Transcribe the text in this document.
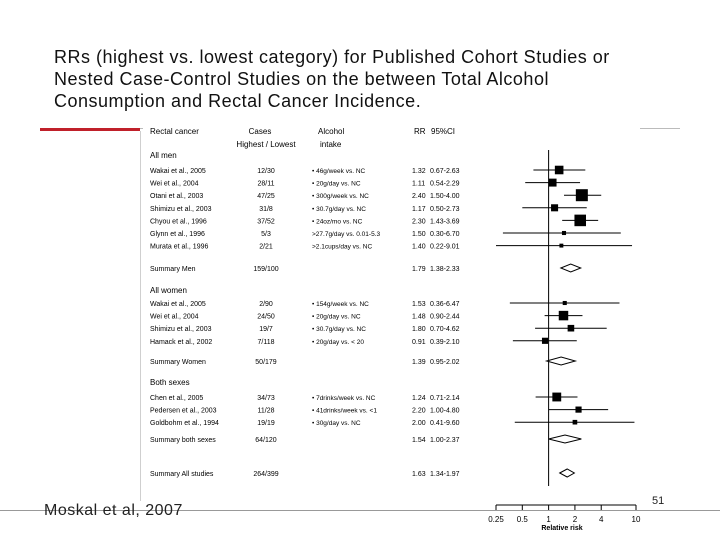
RRs (highest vs. lowest category) for Published Cohort Studies or
Nested Case-Control Studies on the between Total Alcohol
Consumption and Rectal Cancer Incidence.
Rectal cancer	Cases
Highest / Lowest
Alcohol
intake
RR 95%CI
All men
Wakai et al., 2005	12/30	• 46g/week vs. NC	1.32 0.67-2.63
Wei et al., 2004	28/11	• 20g/day vs. NC	1.11 0.54-2.29
Otani et al., 2003	47/25	• 300g/week vs. NC	2.40 1.50-4.00
Shimizu et al., 2003	31/8	• 30.7g/day vs. NC	1.17 0.50-2.73
Chyou et al., 1996	37/52	• 24oz/mo vs. NC	2.30 1.43-3.69
Glynn et al., 1996	5/3	>27.7g/day vs. 0.01-5.3	1.50 0.30-6.70
Murata et al., 1996	2/21	>2.1cups/day vs. NC	1.40 0.22-9.01
Summary Men	159/100	1.79 1.38-2.33
All women
Wakai et al., 2005	2/90	• 154g/week vs. NC	1.53 0.36-6.47
Wei et al., 2004	24/50	• 20g/day vs. NC	1.48 0.90-2.44
Shimizu et al., 2003	19/7	• 30.7g/day vs. NC	1.80 0.70-4.62
Hamack et al., 2002	7/118	• 20g/day vs. < 20	0.91 0.39-2.10
Summary Women	50/179	1.39 0.95-2.02
Both sexes
Chen et al., 2005	34/73	• 7drinks/week vs. NC	1.24 0.71-2.14
Pedersen et al., 2003	11/28	• 41drinks/week vs. <1	2.20 1.00-4.80
Goldbohm et al., 1994	19/19	• 30g/day vs. NC	2.00 0.41-9.60
Summary both sexes	64/120	1.54 1.00-2.37
Summary All studies	264/399	1.63 1.34-1.97
0.25 0.5 1	2	4	10
Relative risk
Moskal et al, 2007
51
